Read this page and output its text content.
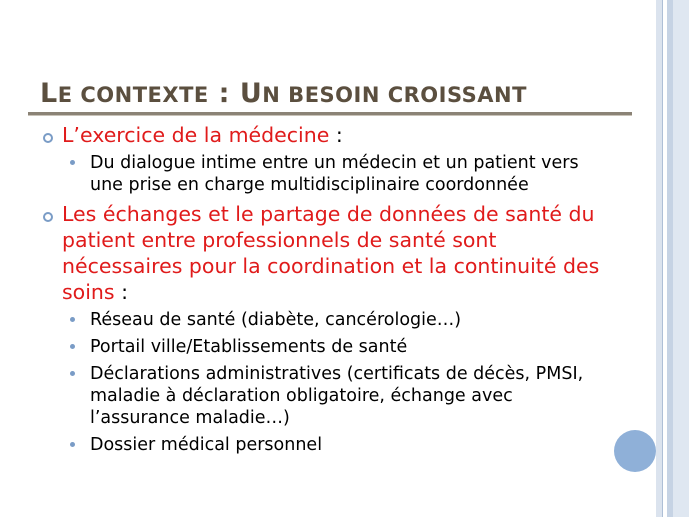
LE CONTEXTE : UN BESOIN CROISSANT
L’exercice de la médecine :
Du dialogue intime entre un médecin et un patient vers une prise en charge multidisciplinaire coordonnée
Les échanges et le partage de données de santé du patient entre professionnels de santé sont nécessaires pour la coordination et la continuité des soins :
Réseau de santé (diabète, cancérologie…)
Portail ville/Etablissements de santé
Déclarations administratives (certificats de décès, PMSI, maladie à déclaration obligatoire, échange avec l’assurance maladie…)
Dossier médical personnel
